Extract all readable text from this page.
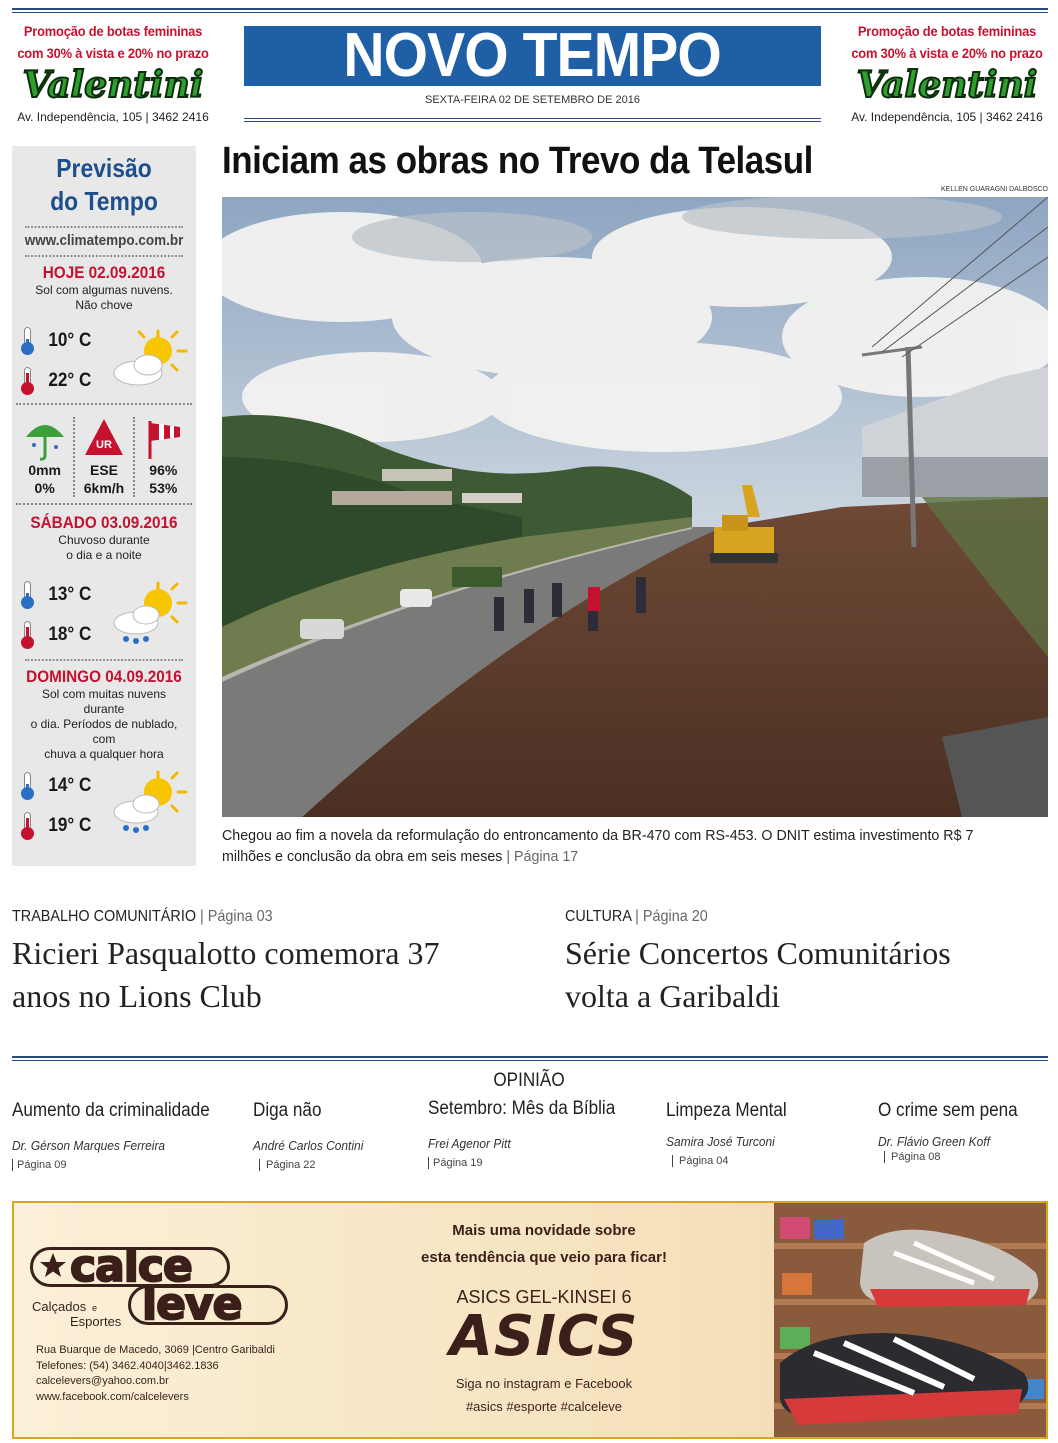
Promoção de botas femininas
com 30% à vista e 20% no prazo
Valentini
Av. Independência, 105 | 3462 2416
NOVO TEMPO
SEXTA-FEIRA 02 DE SETEMBRO DE 2016
Promoção de botas femininas
com 30% à vista e 20% no prazo
Valentini
Av. Independência, 105 | 3462 2416
Previsão
do Tempo
www.climatempo.com.br
HOJE 02.09.2016
Sol com algumas nuvens.
Não chove
10° C
22° C
0mm
0%
UR
ESE
6km/h
96%
53%
SÁBADO 03.09.2016
Chuvoso durante
o dia e a noite
13° C
18° C
DOMINGO 04.09.2016
Sol com muitas nuvens durante
o dia. Períodos de nublado, com
chuva a qualquer hora
14° C
19° C
Iniciam as obras no Trevo da Telasul
KELLEN GUARAGNI DALBOSCO
Chegou ao fim a novela da reformulação do entroncamento da BR-470 com RS-453. O DNIT estima investimento R$ 7 milhões e conclusão da obra em seis meses | Página 17
TRABALHO COMUNITÁRIO | Página 03
Ricieri Pasqualotto comemora 37
anos no Lions Club
CULTURA | Página 20
Série Concertos Comunitários
volta a Garibaldi
OPINIÃO
Aumento da criminalidade
Dr. Gérson Marques Ferreira
Página 09
Diga não
André Carlos Contini
Página 22
Setembro: Mês da Bíblia
Frei Agenor Pitt
Página 19
Limpeza Mental
Samira José Turconi
Página 04
O crime sem pena
Dr. Flávio Green Koff
Página 08
calce
leve
Calçados e
Esportes
Rua Buarque de Macedo, 3069 |Centro Garibaldi
Telefones: (54) 3462.4040|3462.1836
calcelevers@yahoo.com.br
www.facebook.com/calcelevers
Mais uma novidade sobre
esta tendência que veio para ficar!
ASICS GEL-KINSEI 6
ASICS
Siga no instagram e Facebook
#asics #esporte #calceleve
